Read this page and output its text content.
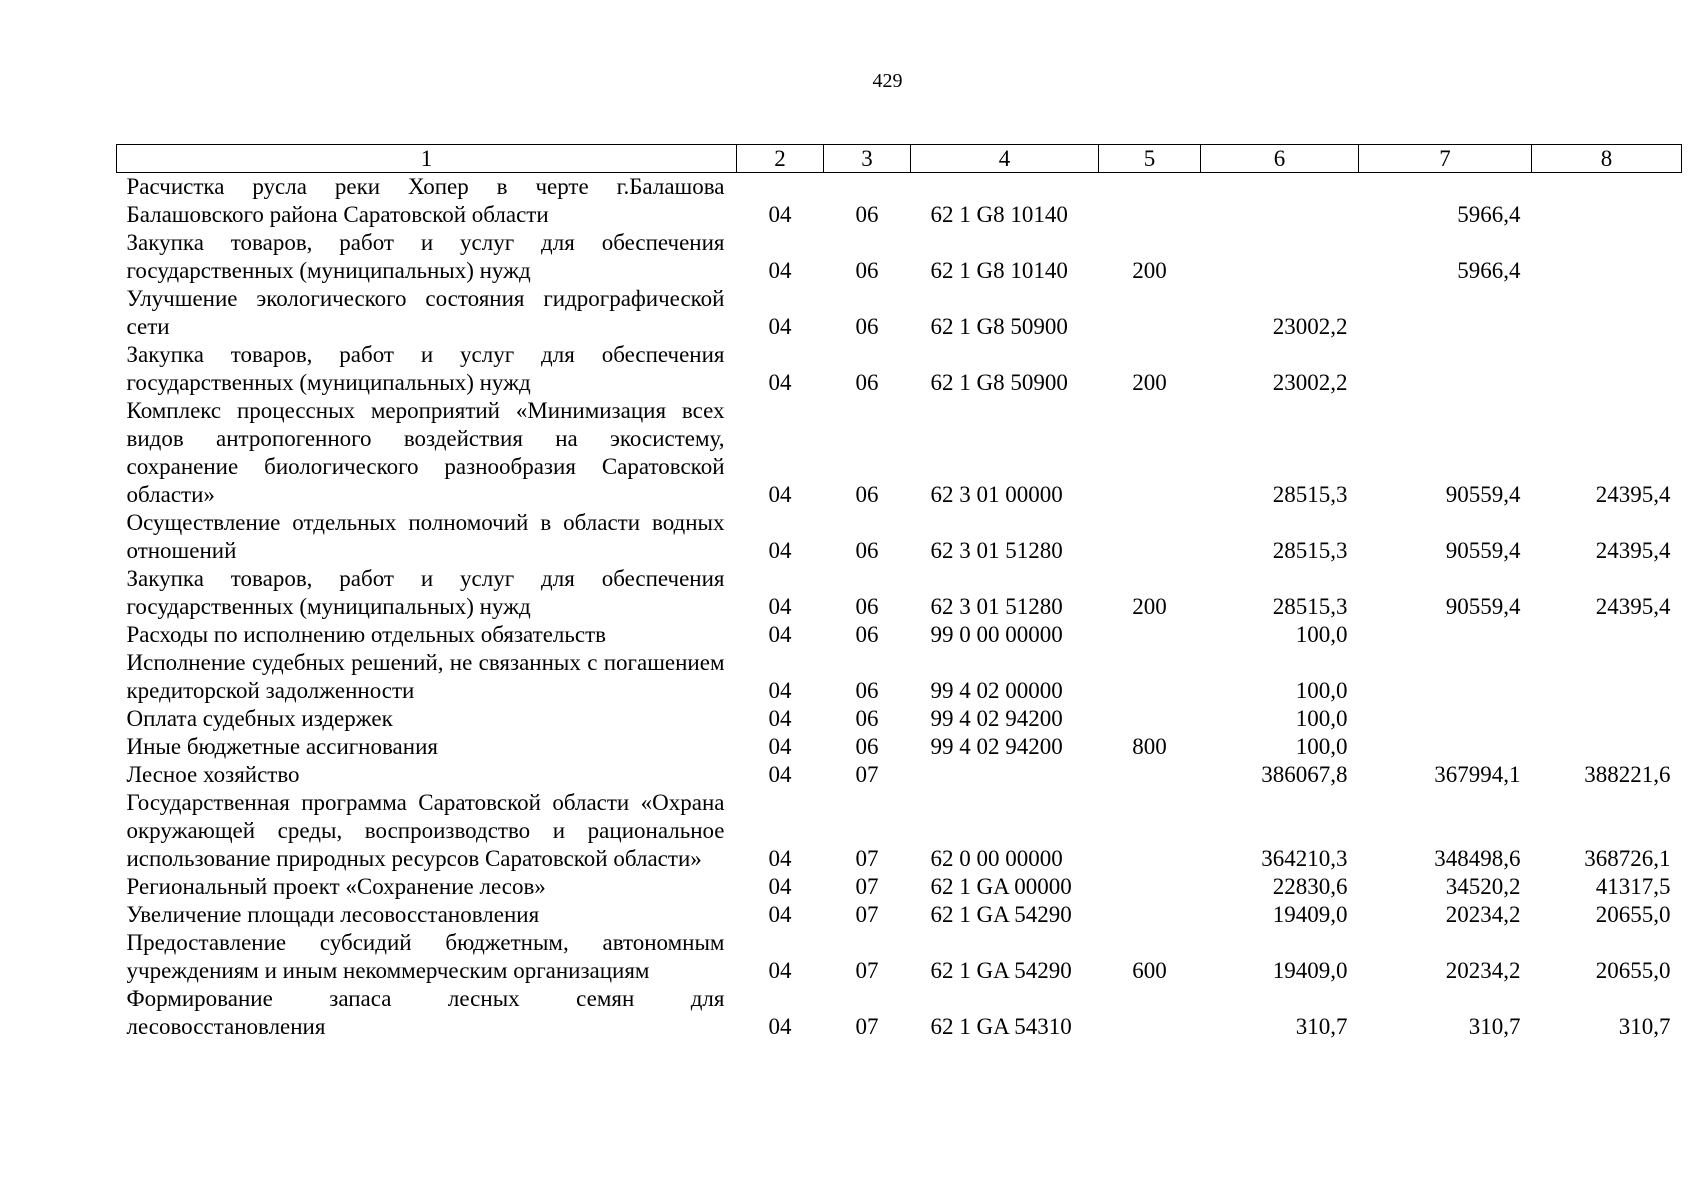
429
1	2	3	4	5	6	7	8
Расчистка русла реки Хопер в черте г.Балашова Балашовского района Саратовской области	04	06	62 1 G8 10140			5966,4	
Закупка товаров, работ и услуг для обеспечения государственных (муниципальных) нужд	04	06	62 1 G8 10140	200		5966,4	
Улучшение экологического состояния гидрографической сети	04	06	62 1 G8 50900		23002,2		
Закупка товаров, работ и услуг для обеспечения государственных (муниципальных) нужд	04	06	62 1 G8 50900	200	23002,2		
Комплекс процессных мероприятий «Минимизация всех видов антропогенного воздействия на экосистему, сохранение биологического разнообразия Саратовской области»	04	06	62 3 01 00000		28515,3	90559,4	24395,4
Осуществление отдельных полномочий в области водных отношений	04	06	62 3 01 51280		28515,3	90559,4	24395,4
Закупка товаров, работ и услуг для обеспечения государственных (муниципальных) нужд	04	06	62 3 01 51280	200	28515,3	90559,4	24395,4
Расходы по исполнению отдельных обязательств	04	06	99 0 00 00000		100,0		
Исполнение судебных решений, не связанных с погашением кредиторской задолженности	04	06	99 4 02 00000		100,0		
Оплата судебных издержек	04	06	99 4 02 94200		100,0		
Иные бюджетные ассигнования	04	06	99 4 02 94200	800	100,0		
Лесное хозяйство	04	07			386067,8	367994,1	388221,6
Государственная программа Саратовской области «Охрана окружающей среды, воспроизводство и рациональное использование природных ресурсов Саратовской области»	04	07	62 0 00 00000		364210,3	348498,6	368726,1
Региональный проект «Сохранение лесов»	04	07	62 1 GA 00000		22830,6	34520,2	41317,5
Увеличение площади лесовосстановления	04	07	62 1 GA 54290		19409,0	20234,2	20655,0
Предоставление субсидий бюджетным, автономным учреждениям и иным некоммерческим организациям	04	07	62 1 GA 54290	600	19409,0	20234,2	20655,0
Формирование запаса лесных семян для лесовосстановления	04	07	62 1 GA 54310		310,7	310,7	310,7
